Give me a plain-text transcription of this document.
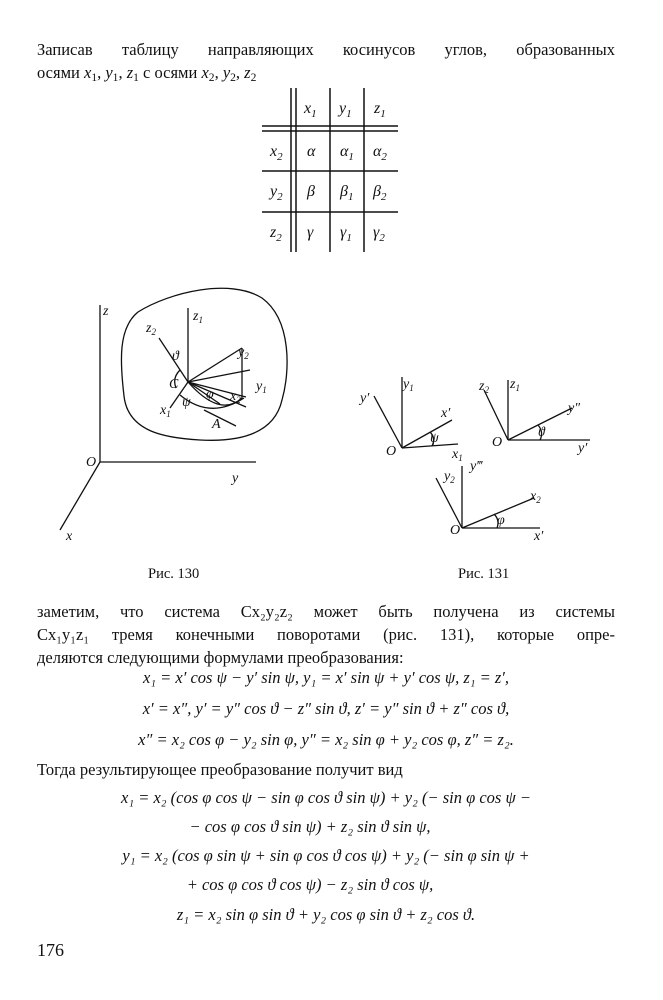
Записав таблицу направляющих косинусов углов, образованных
осями $x_1$, $y_1$, $z_1$ с осями $x_2$, $y_2$, $z_2$
$x_1$ $y_1$ $z_1$
$x_2$ α $\alpha_1$ $\alpha_2$
$y_2$ β $\beta_1$ $\beta_2$
$z_2$ γ $\gamma_1$ $\gamma_2$
z
y
x
O
$z_1$
$z_2$
$y_2$
$y_1$
$x_1$
$x_2$
C
A
ϑ
ψ
φ	y′
$y_1$
x′
$x_1$
O
ψ
$z_2$ $z_1$
y″
y′
O
ϑ
$y_2$
y‴
$x_2$
x′
O
φ
Рис. 130	Рис. 131
заметим, что система Cx₂y₂z₂ может быть получена из системы
Cx₁y₁z₁ тремя конечными поворотами (рис. 131), которые опре-
деляются следующими формулами преобразования:
x₁ = x′ cos ψ − y′ sin ψ, y₁ = x′ sin ψ + y′ cos ψ, z₁ = z′,
x′ = x″, y′ = y″ cos ϑ − z″ sin ϑ, z′ = y″ sin ϑ + z″ cos ϑ,
x″ = x₂ cos φ − y₂ sin φ, y″ = x₂ sin φ + y₂ cos φ, z″ = z₂.
Тогда результирующее преобразование получит вид
x₁ = x₂ (cos φ cos ψ − sin φ cos ϑ sin ψ) + y₂ (− sin φ cos ψ −
− cos φ cos ϑ sin ψ) + z₂ sin ϑ sin ψ,
y₁ = x₂ (cos φ sin ψ + sin φ cos ϑ cos ψ) + y₂ (− sin φ sin ψ +
+ cos φ cos ϑ cos ψ) − z₂ sin ϑ cos ψ,
z₁ = x₂ sin φ sin ϑ + y₂ cos φ sin ϑ + z₂ cos ϑ.
176
